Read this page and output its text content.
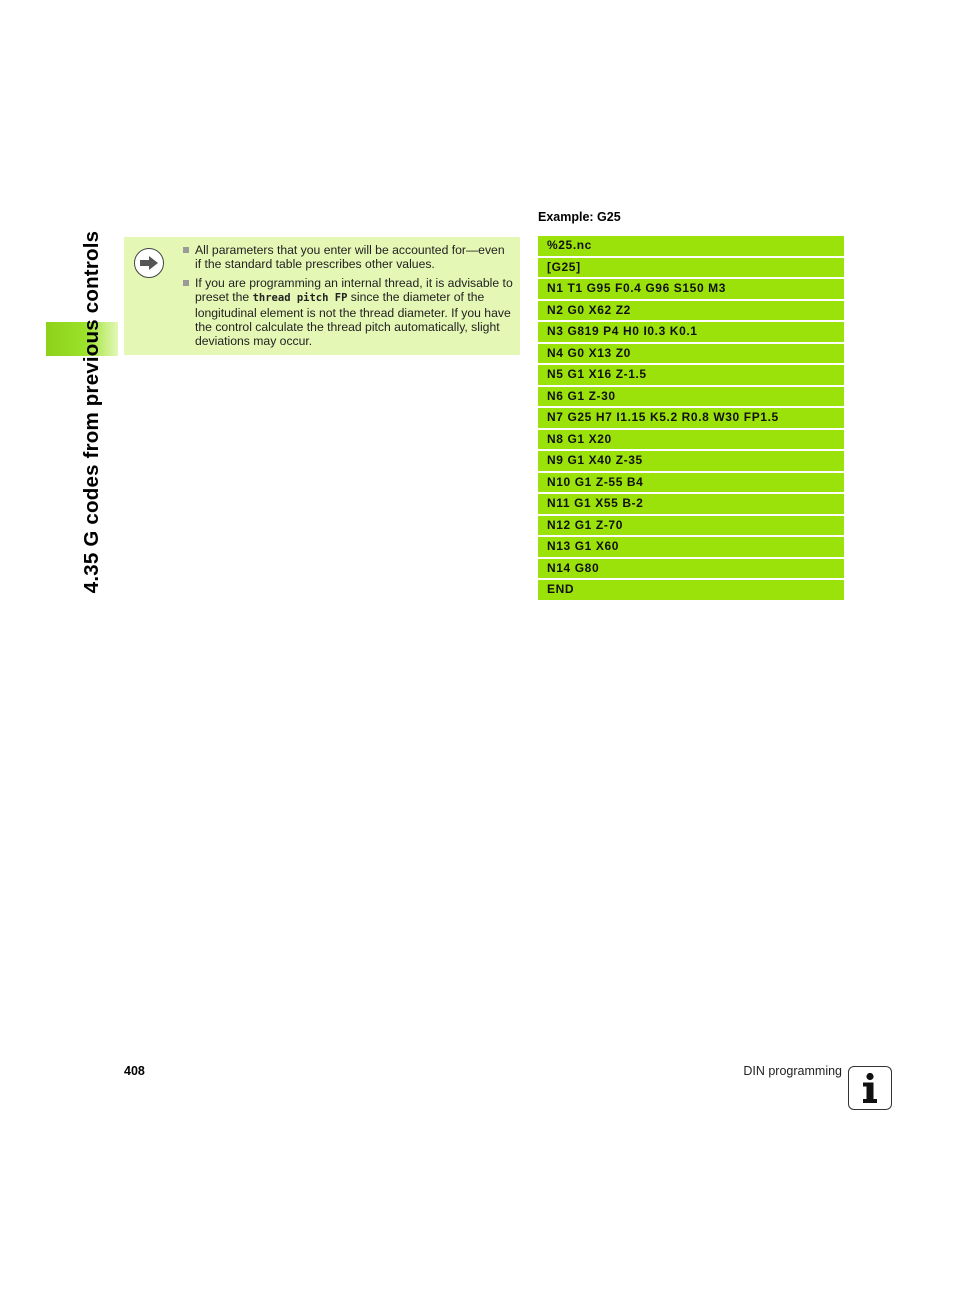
4.35 G codes from previous controls	All parameters that you enter will be accounted for—even if the standard table prescribes other values.
If you are programming an internal thread, it is advisable to preset the thread pitch FP since the diameter of the longitudinal element is not the thread diameter. If you have the control calculate the thread pitch automatically, slight deviations may occur.
Example: G25
%25.nc
[G25]
N1 T1 G95 F0.4 G96 S150 M3
N2 G0 X62 Z2
N3 G819 P4 H0 I0.3 K0.1
N4 G0 X13 Z0
N5 G1 X16 Z-1.5
N6 G1 Z-30
N7 G25 H7 I1.15 K5.2 R0.8 W30 FP1.5
N8 G1 X20
N9 G1 X40 Z-35
N10 G1 Z-55 B4
N11 G1 X55 B-2
N12 G1 Z-70
N13 G1 X60
N14 G80
END
408	DIN programming
